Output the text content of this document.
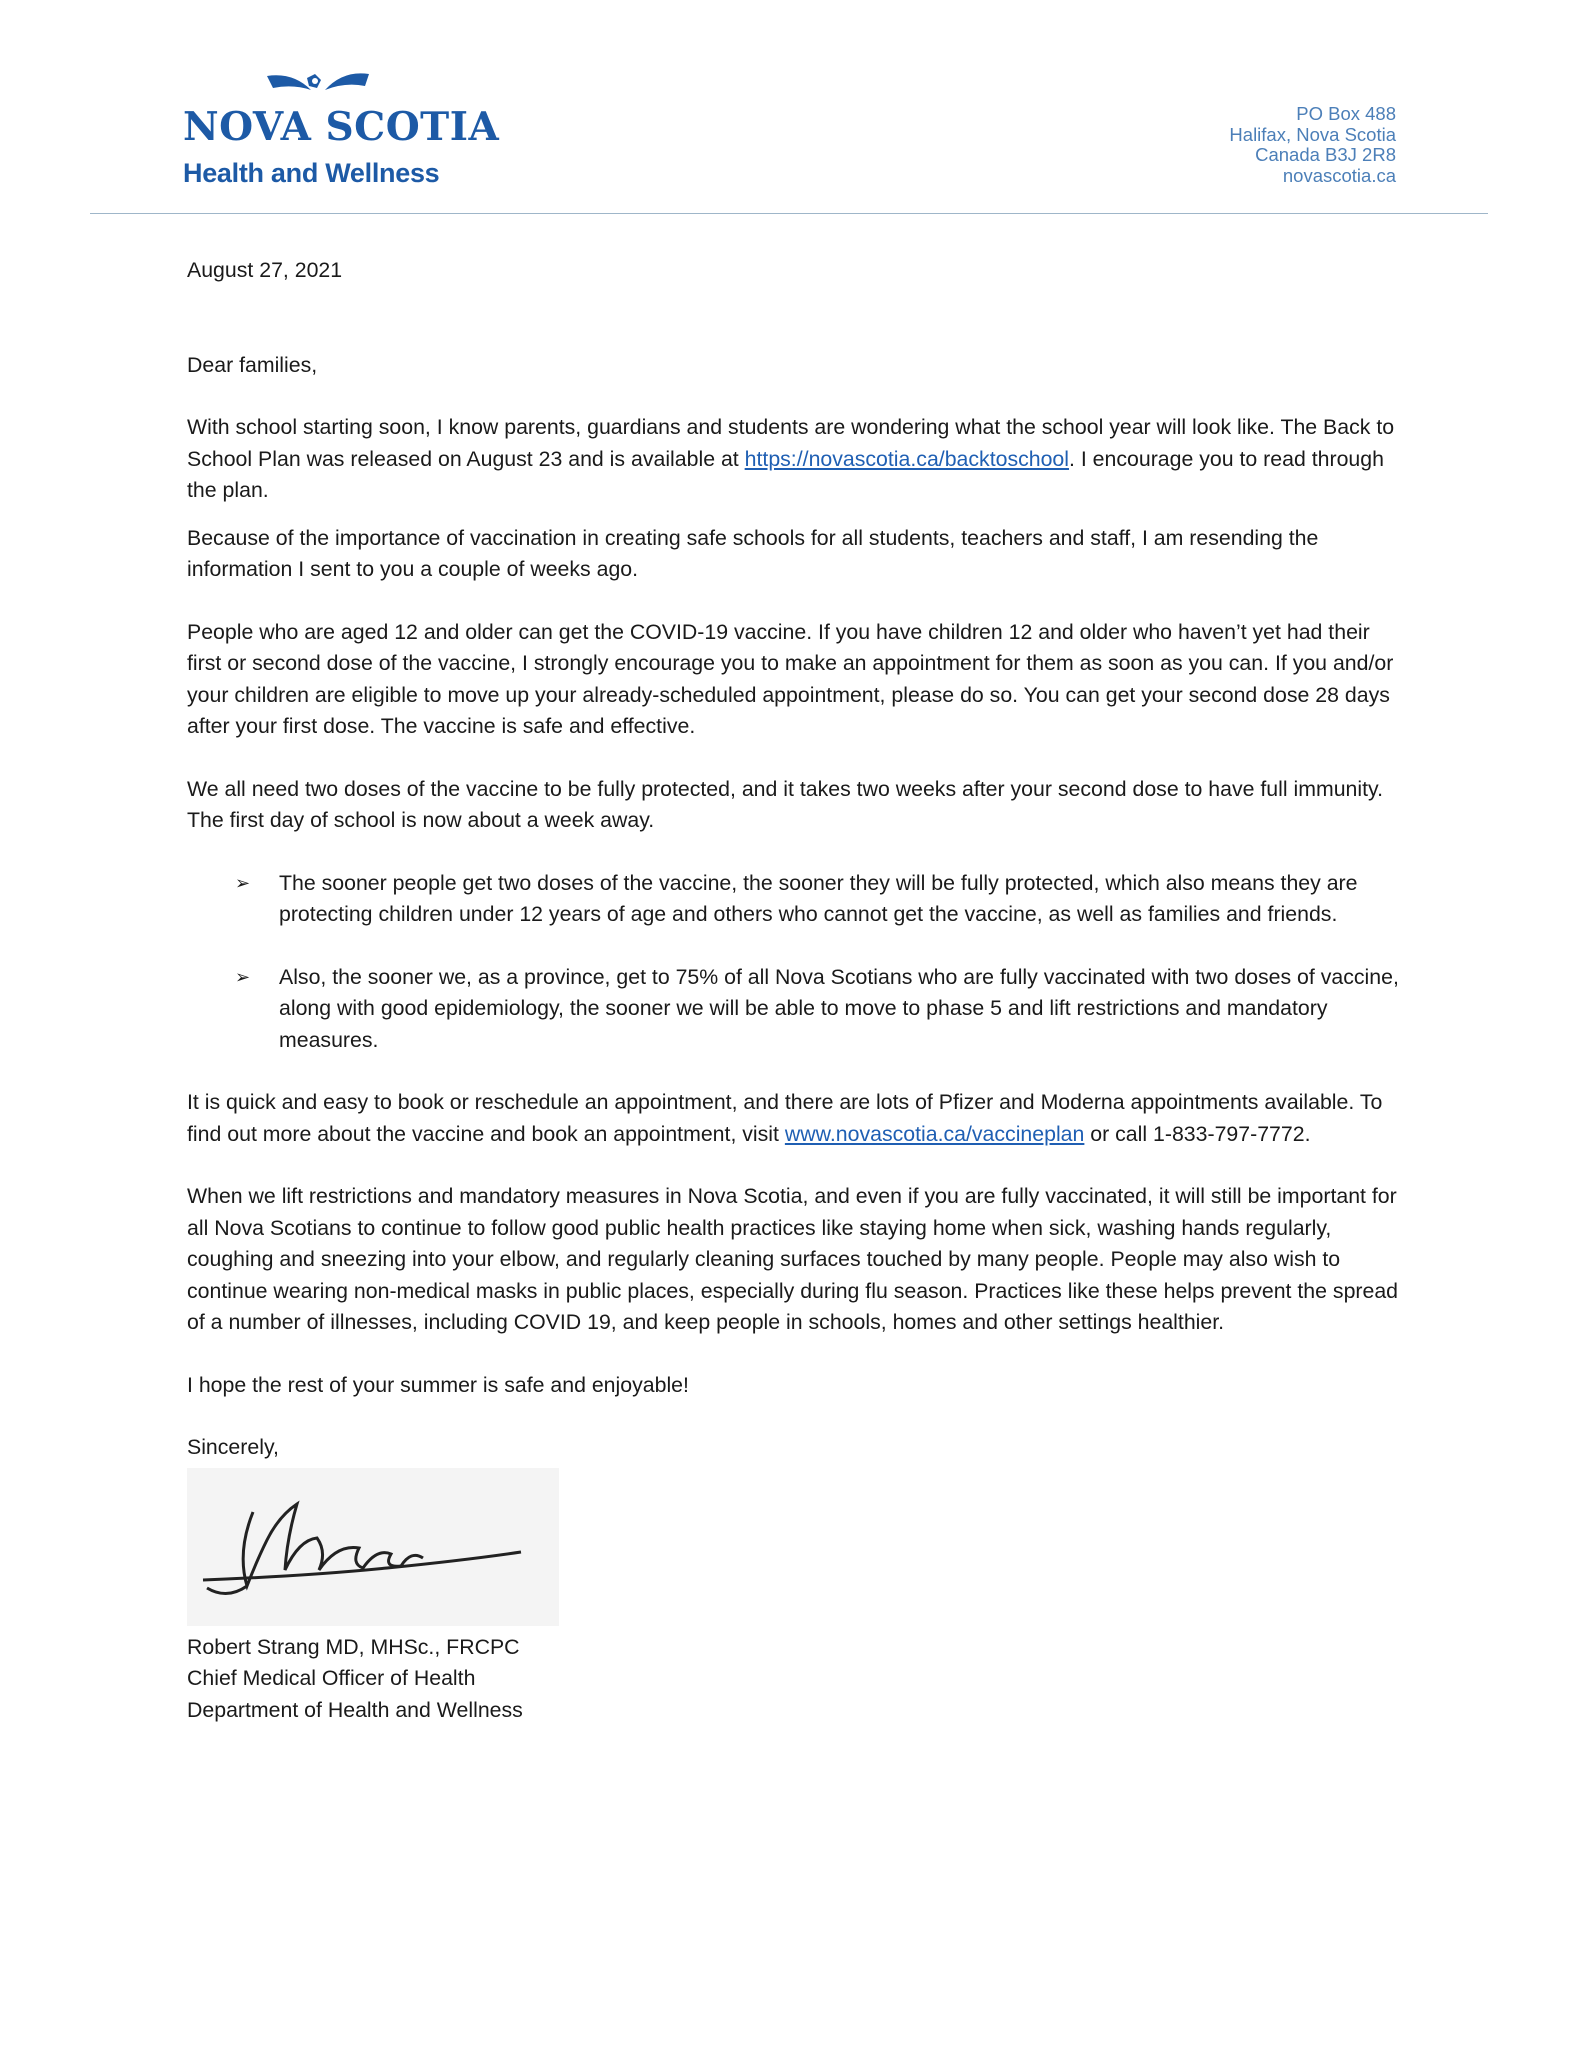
NOVA SCOTIA
Health and Wellness
PO Box 488
Halifax, Nova Scotia
Canada B3J 2R8
novascotia.ca

August 27, 2021

Dear families,

With school starting soon, I know parents, guardians and students are wondering what the school year will look like. The Back to School Plan was released on August 23 and is available at https://novascotia.ca/backtoschool. I encourage you to read through the plan.

Because of the importance of vaccination in creating safe schools for all students, teachers and staff, I am resending the information I sent to you a couple of weeks ago.

People who are aged 12 and older can get the COVID-19 vaccine. If you have children 12 and older who haven’t yet had their first or second dose of the vaccine, I strongly encourage you to make an appointment for them as soon as you can. If you and/or your children are eligible to move up your already-scheduled appointment, please do so. You can get your second dose 28 days after your first dose. The vaccine is safe and effective.

We all need two doses of the vaccine to be fully protected, and it takes two weeks after your second dose to have full immunity. The first day of school is now about a week away.

➢ The sooner people get two doses of the vaccine, the sooner they will be fully protected, which also means they are protecting children under 12 years of age and others who cannot get the vaccine, as well as families and friends.
➢ Also, the sooner we, as a province, get to 75% of all Nova Scotians who are fully vaccinated with two doses of vaccine, along with good epidemiology, the sooner we will be able to move to phase 5 and lift restrictions and mandatory measures.

It is quick and easy to book or reschedule an appointment, and there are lots of Pfizer and Moderna appointments available. To find out more about the vaccine and book an appointment, visit www.novascotia.ca/vaccineplan or call 1-833-797-7772.

When we lift restrictions and mandatory measures in Nova Scotia, and even if you are fully vaccinated, it will still be important for all Nova Scotians to continue to follow good public health practices like staying home when sick, washing hands regularly, coughing and sneezing into your elbow, and regularly cleaning surfaces touched by many people. People may also wish to continue wearing non-medical masks in public places, especially during flu season. Practices like these helps prevent the spread of a number of illnesses, including COVID 19, and keep people in schools, homes and other settings healthier.

I hope the rest of your summer is safe and enjoyable!

Sincerely,

Robert Strang MD, MHSc., FRCPC

Chief Medical Officer of Health

Department of Health and Wellness
